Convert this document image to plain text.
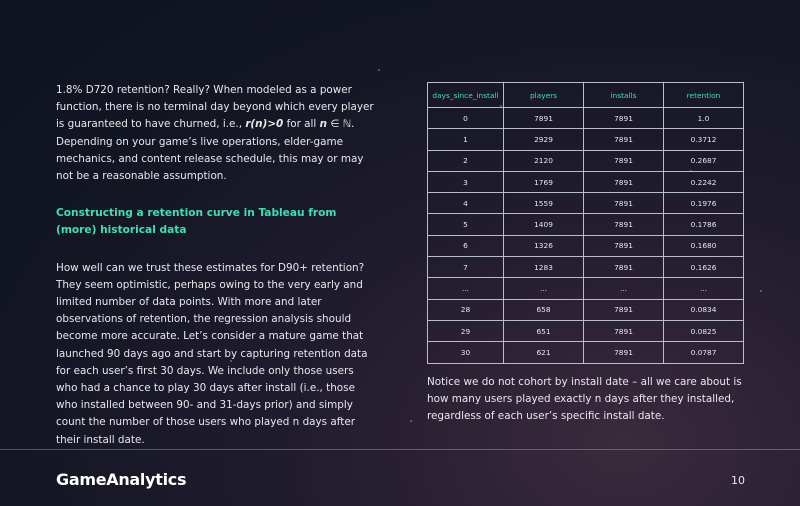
1.8% D720 retention? Really? When modeled as a power function, there is no terminal day beyond which every player is guaranteed to have churned, i.e., r(n)>0 for all n ∈ ℕ. Depending on your game’s live operations, elder-game mechanics, and content release schedule, this may or may not be a reasonable assumption.

Constructing a retention curve in Tableau from (more) historical data

How well can we trust these estimates for D90+ retention? They seem optimistic, perhaps owing to the very early and limited number of data points. With more and later observations of retention, the regression analysis should become more accurate. Let’s consider a mature game that launched 90 days ago and start by capturing retention data for each user’s first 30 days. We include only those users who had a chance to play 30 days after install (i.e., those who installed between 90- and 31-days prior) and simply count the number of those users who played n days after their install date.

days_since_install	players	installs	retention
0	7891	7891	1.0
1	2929	7891	0.3712
2	2120	7891	0.2687
3	1769	7891	0.2242
4	1559	7891	0.1976
5	1409	7891	0.1786
6	1326	7891	0.1680
7	1283	7891	0.1626
...	...	...	...
28	658	7891	0.0834
29	651	7891	0.0825
30	621	7891	0.0787

Notice we do not cohort by install date – all we care about is how many users played exactly n days after they installed, regardless of each user’s specific install date.

GameAnalytics	10
